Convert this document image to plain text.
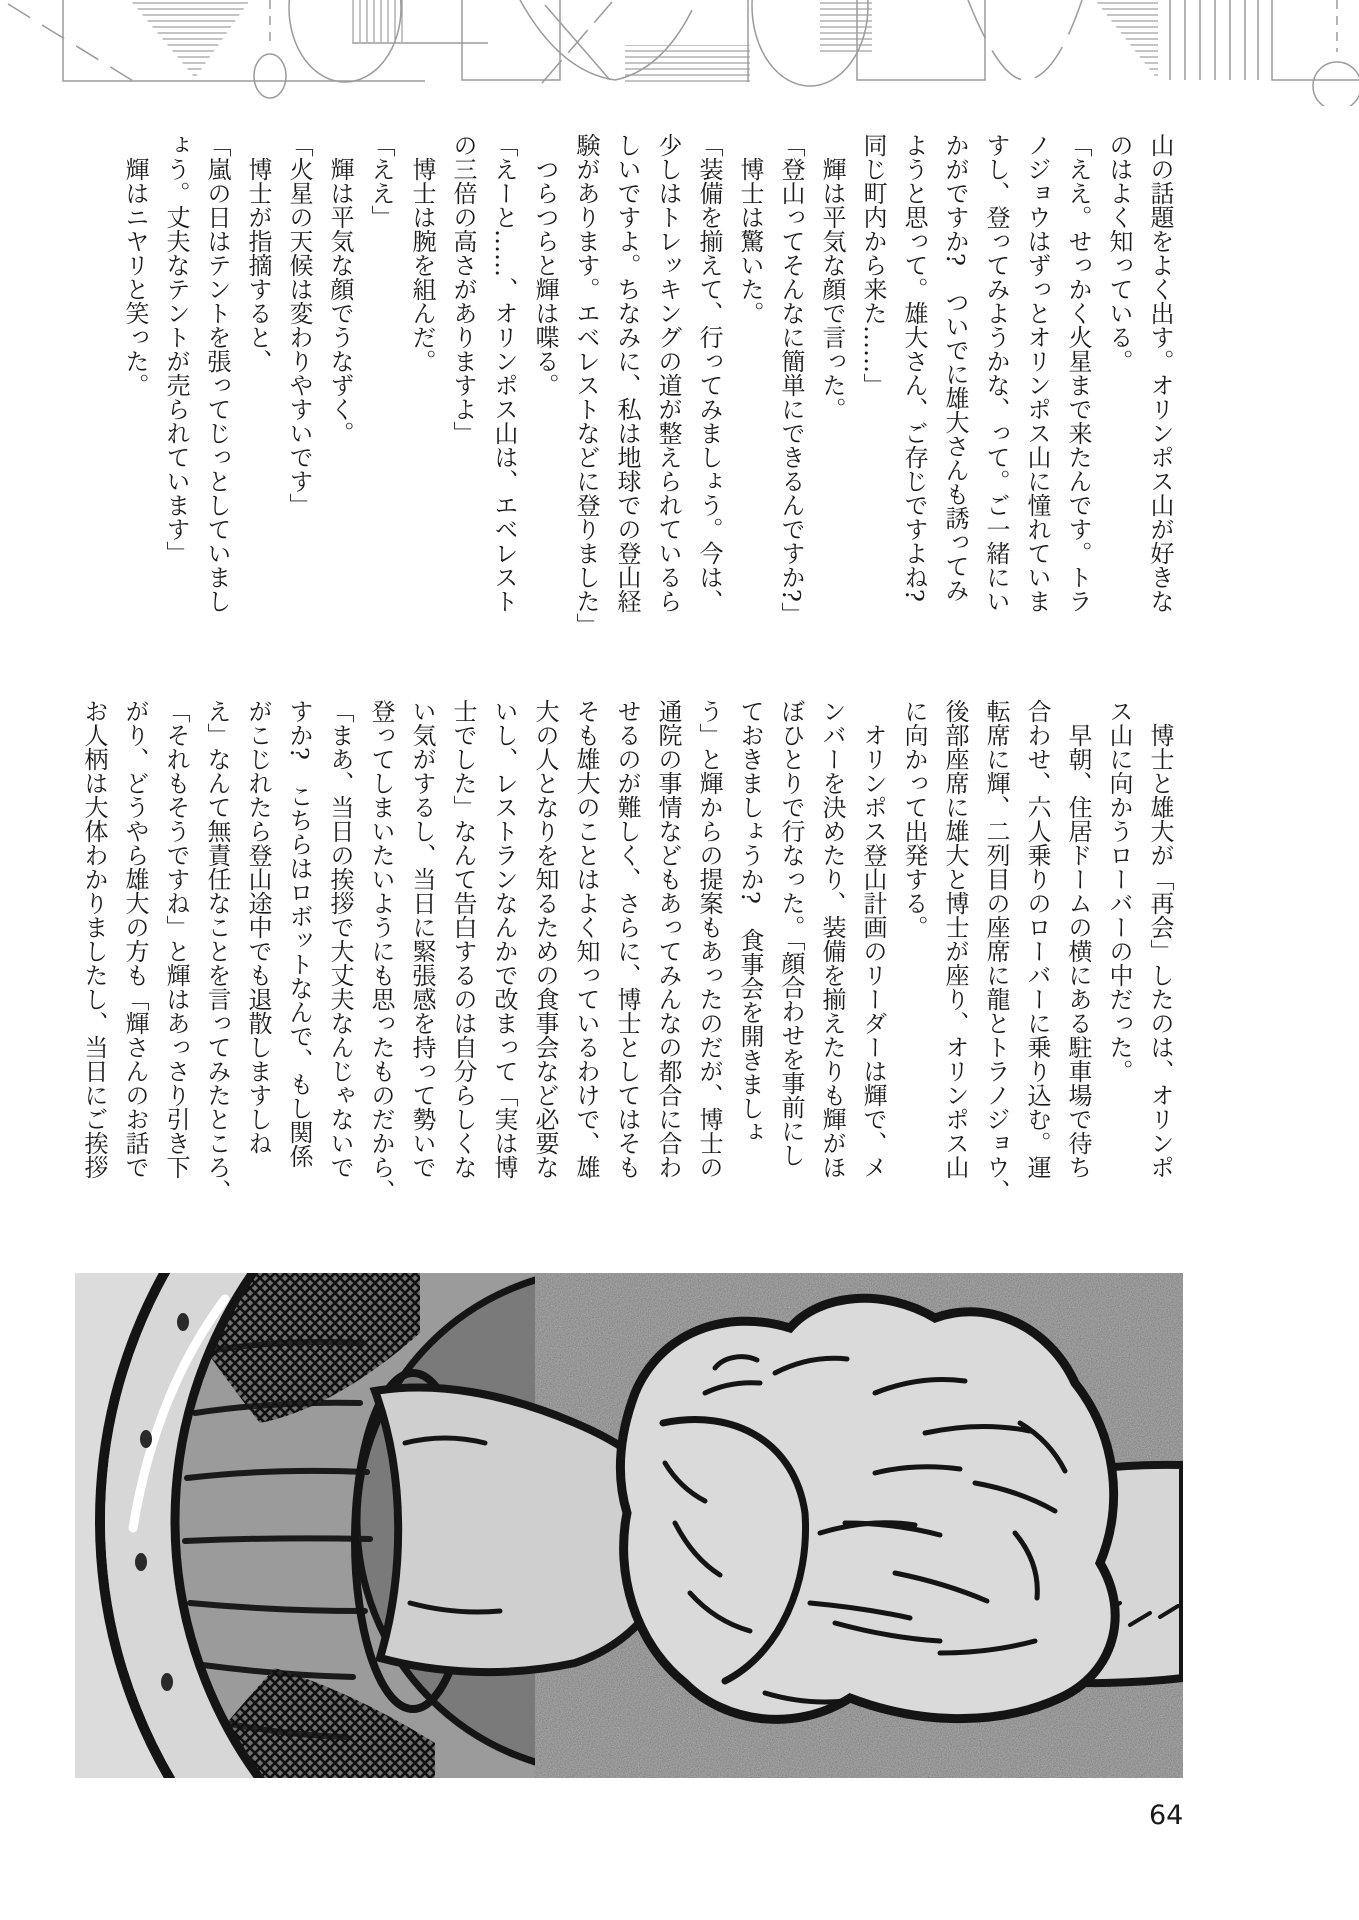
山の話題をよく出す。オリンポス山が好きな
のはよく知っている。
「ええ。せっかく火星まで来たんです。トラ
ノジョウはずっとオリンポス山に憧れていま
すし、登ってみようかな、って。ご一緒にい
かがですか?　ついでに雄大さんも誘ってみ
ようと思って。雄大さん、ご存じですよね?
同じ町内から来た……」
　輝は平気な顔で言った。
「登山ってそんなに簡単にできるんですか?」
　博士は驚いた。
「装備を揃えて、行ってみましょう。今は、
少しはトレッキングの道が整えられているら
しいですよ。ちなみに、私は地球での登山経
験があります。エベレストなどに登りました」
　つらつらと輝は喋る。
「えーと……、オリンポス山は、エベレスト
の三倍の高さがありますよ」
　博士は腕を組んだ。
「ええ」
　輝は平気な顔でうなずく。
「火星の天候は変わりやすいです」
　博士が指摘すると、
「嵐の日はテントを張ってじっとしていまし
ょう。丈夫なテントが売られています」
　輝はニヤリと笑った。
　博士と雄大が「再会」したのは、オリンポ
ス山に向かうローバーの中だった。
　早朝、住居ドームの横にある駐車場で待ち
合わせ、六人乗りのローバーに乗り込む。運
転席に輝、二列目の座席に龍とトラノジョウ、
後部座席に雄大と博士が座り、オリンポス山
に向かって出発する。
　オリンポス登山計画のリーダーは輝で、メ
ンバーを決めたり、装備を揃えたりも輝がほ
ぼひとりで行なった。「顔合わせを事前にし
ておきましょうか?　食事会を開きましょ
う」と輝からの提案もあったのだが、博士の
通院の事情などもあってみんなの都合に合わ
せるのが難しく、さらに、博士としてはそも
そも雄大のことはよく知っているわけで、雄
大の人となりを知るための食事会など必要な
いし、レストランなんかで改まって「実は博
士でした」なんて告白するのは自分らしくな
い気がするし、当日に緊張感を持って勢いで
登ってしまいたいようにも思ったものだから、
「まあ、当日の挨拶で大丈夫なんじゃないで
すか?　こちらはロボットなんで、もし関係
がこじれたら登山途中でも退散しますしね
え」なんて無責任なことを言ってみたところ、
「それもそうですね」と輝はあっさり引き下
がり、どうやら雄大の方も「輝さんのお話で
お人柄は大体わかりましたし、当日にご挨拶
64
